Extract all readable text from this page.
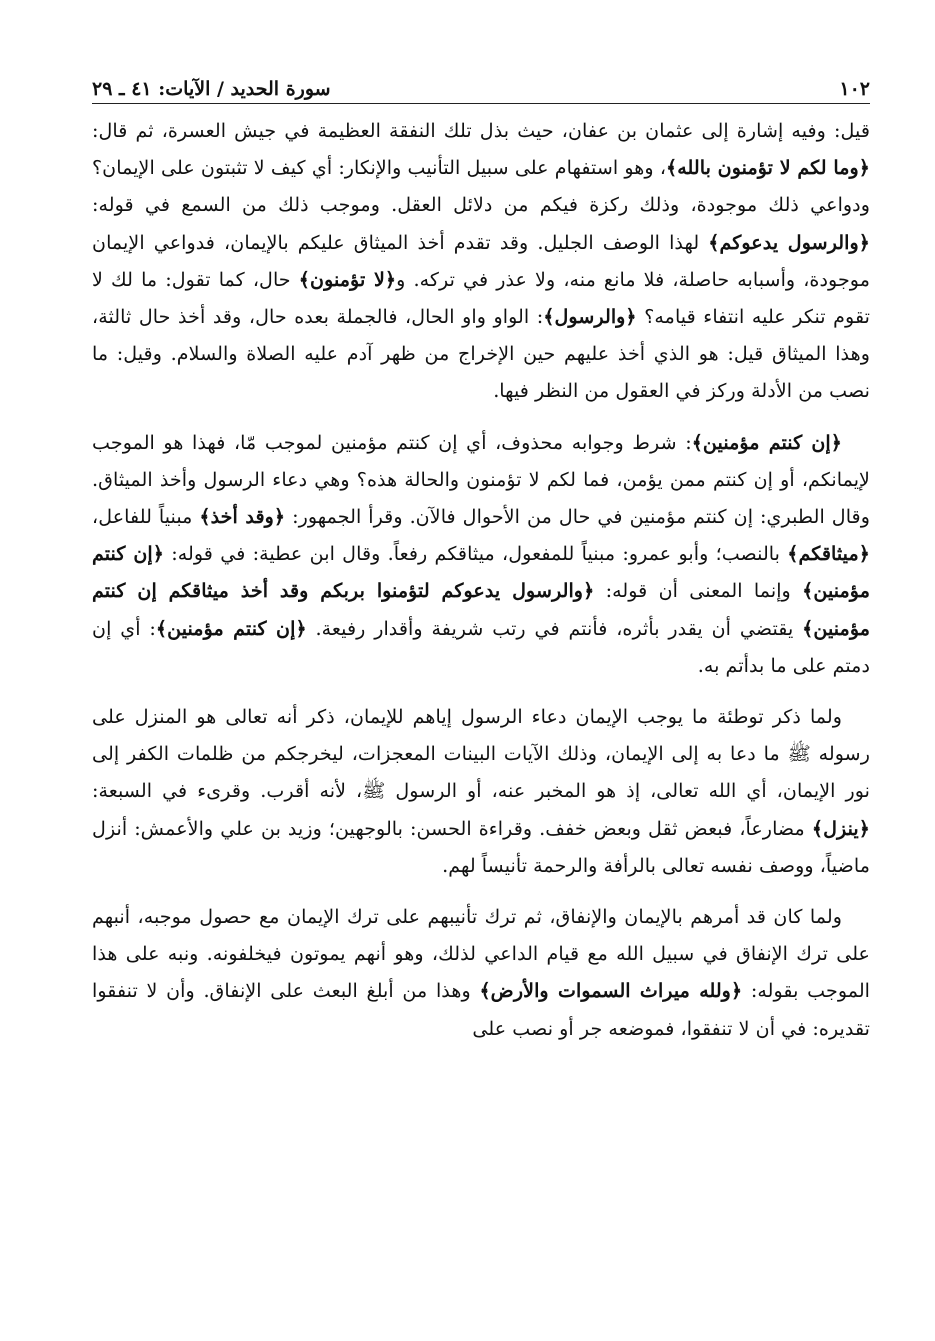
١٠٢
سورة الحديد / الآيات: ٤١ ـ ٢٩

قيل: وفيه إشارة إلى عثمان بن عفان، حيث بذل تلك النفقة العظيمة في جيش العسرة، ثم قال: ﴿وما لكم لا تؤمنون بالله﴾، وهو استفهام على سبيل التأنيب والإنكار: أي كيف لا تثبتون على الإيمان؟ ودواعي ذلك موجودة، وذلك ركزة فيكم من دلائل العقل. وموجب ذلك من السمع في قوله: ﴿والرسول يدعوكم﴾ لهذا الوصف الجليل. وقد تقدم أخذ الميثاق عليكم بالإيمان، فدواعي الإيمان موجودة، وأسبابه حاصلة، فلا مانع منه، ولا عذر في تركه. و﴿لا تؤمنون﴾ حال، كما تقول: ما لك لا تقوم تنكر عليه انتفاء قيامه؟ ﴿والرسول﴾: الواو واو الحال، فالجملة بعده حال، وقد أخذ حال ثالثة، وهذا الميثاق قيل: هو الذي أخذ عليهم حين الإخراج من ظهر آدم عليه الصلاة والسلام. وقيل: ما نصب من الأدلة وركز في العقول من النظر فيها.

﴿إن كنتم مؤمنين﴾: شرط وجوابه محذوف، أي إن كنتم مؤمنين لموجب مّا، فهذا هو الموجب لإيمانكم، أو إن كنتم ممن يؤمن، فما لكم لا تؤمنون والحالة هذه؟ وهي دعاء الرسول وأخذ الميثاق. وقال الطبري: إن كنتم مؤمنين في حال من الأحوال فالآن. وقرأ الجمهور: ﴿وقد أخذ﴾ مبنياً للفاعل، ﴿ميثاقكم﴾ بالنصب؛ وأبو عمرو: مبنياً للمفعول، ميثاقكم رفعاً. وقال ابن عطية: في قوله: ﴿إن كنتم مؤمنين﴾ وإنما المعنى أن قوله: ﴿والرسول يدعوكم لتؤمنوا بربكم وقد أخذ ميثاقكم إن كنتم مؤمنين﴾ يقتضي أن يقدر بأثره، فأنتم في رتب شريفة وأقدار رفيعة. ﴿إن كنتم مؤمنين﴾: أي إن دمتم على ما بدأتم به.

ولما ذكر توطئة ما يوجب الإيمان دعاء الرسول إياهم للإيمان، ذكر أنه تعالى هو المنزل على رسوله ﷺ ما دعا به إلى الإيمان، وذلك الآيات البينات المعجزات، ليخرجكم من ظلمات الكفر إلى نور الإيمان، أي الله تعالى، إذ هو المخبر عنه، أو الرسول ﷺ، لأنه أقرب. وقرىء في السبعة: ﴿ينزل﴾ مضارعاً، فبعض ثقل وبعض خفف. وقراءة الحسن: بالوجهين؛ وزيد بن علي والأعمش: أنزل ماضياً، ووصف نفسه تعالى بالرأفة والرحمة تأنيساً لهم.

ولما كان قد أمرهم بالإيمان والإنفاق، ثم ترك تأنيبهم على ترك الإيمان مع حصول موجبه، أنبهم على ترك الإنفاق في سبيل الله مع قيام الداعي لذلك، وهو أنهم يموتون فيخلفونه. ونبه على هذا الموجب بقوله: ﴿ولله ميراث السموات والأرض﴾ وهذا من أبلغ البعث على الإنفاق. وأن لا تنفقوا تقديره: في أن لا تنفقوا، فموضعه جر أو نصب على
